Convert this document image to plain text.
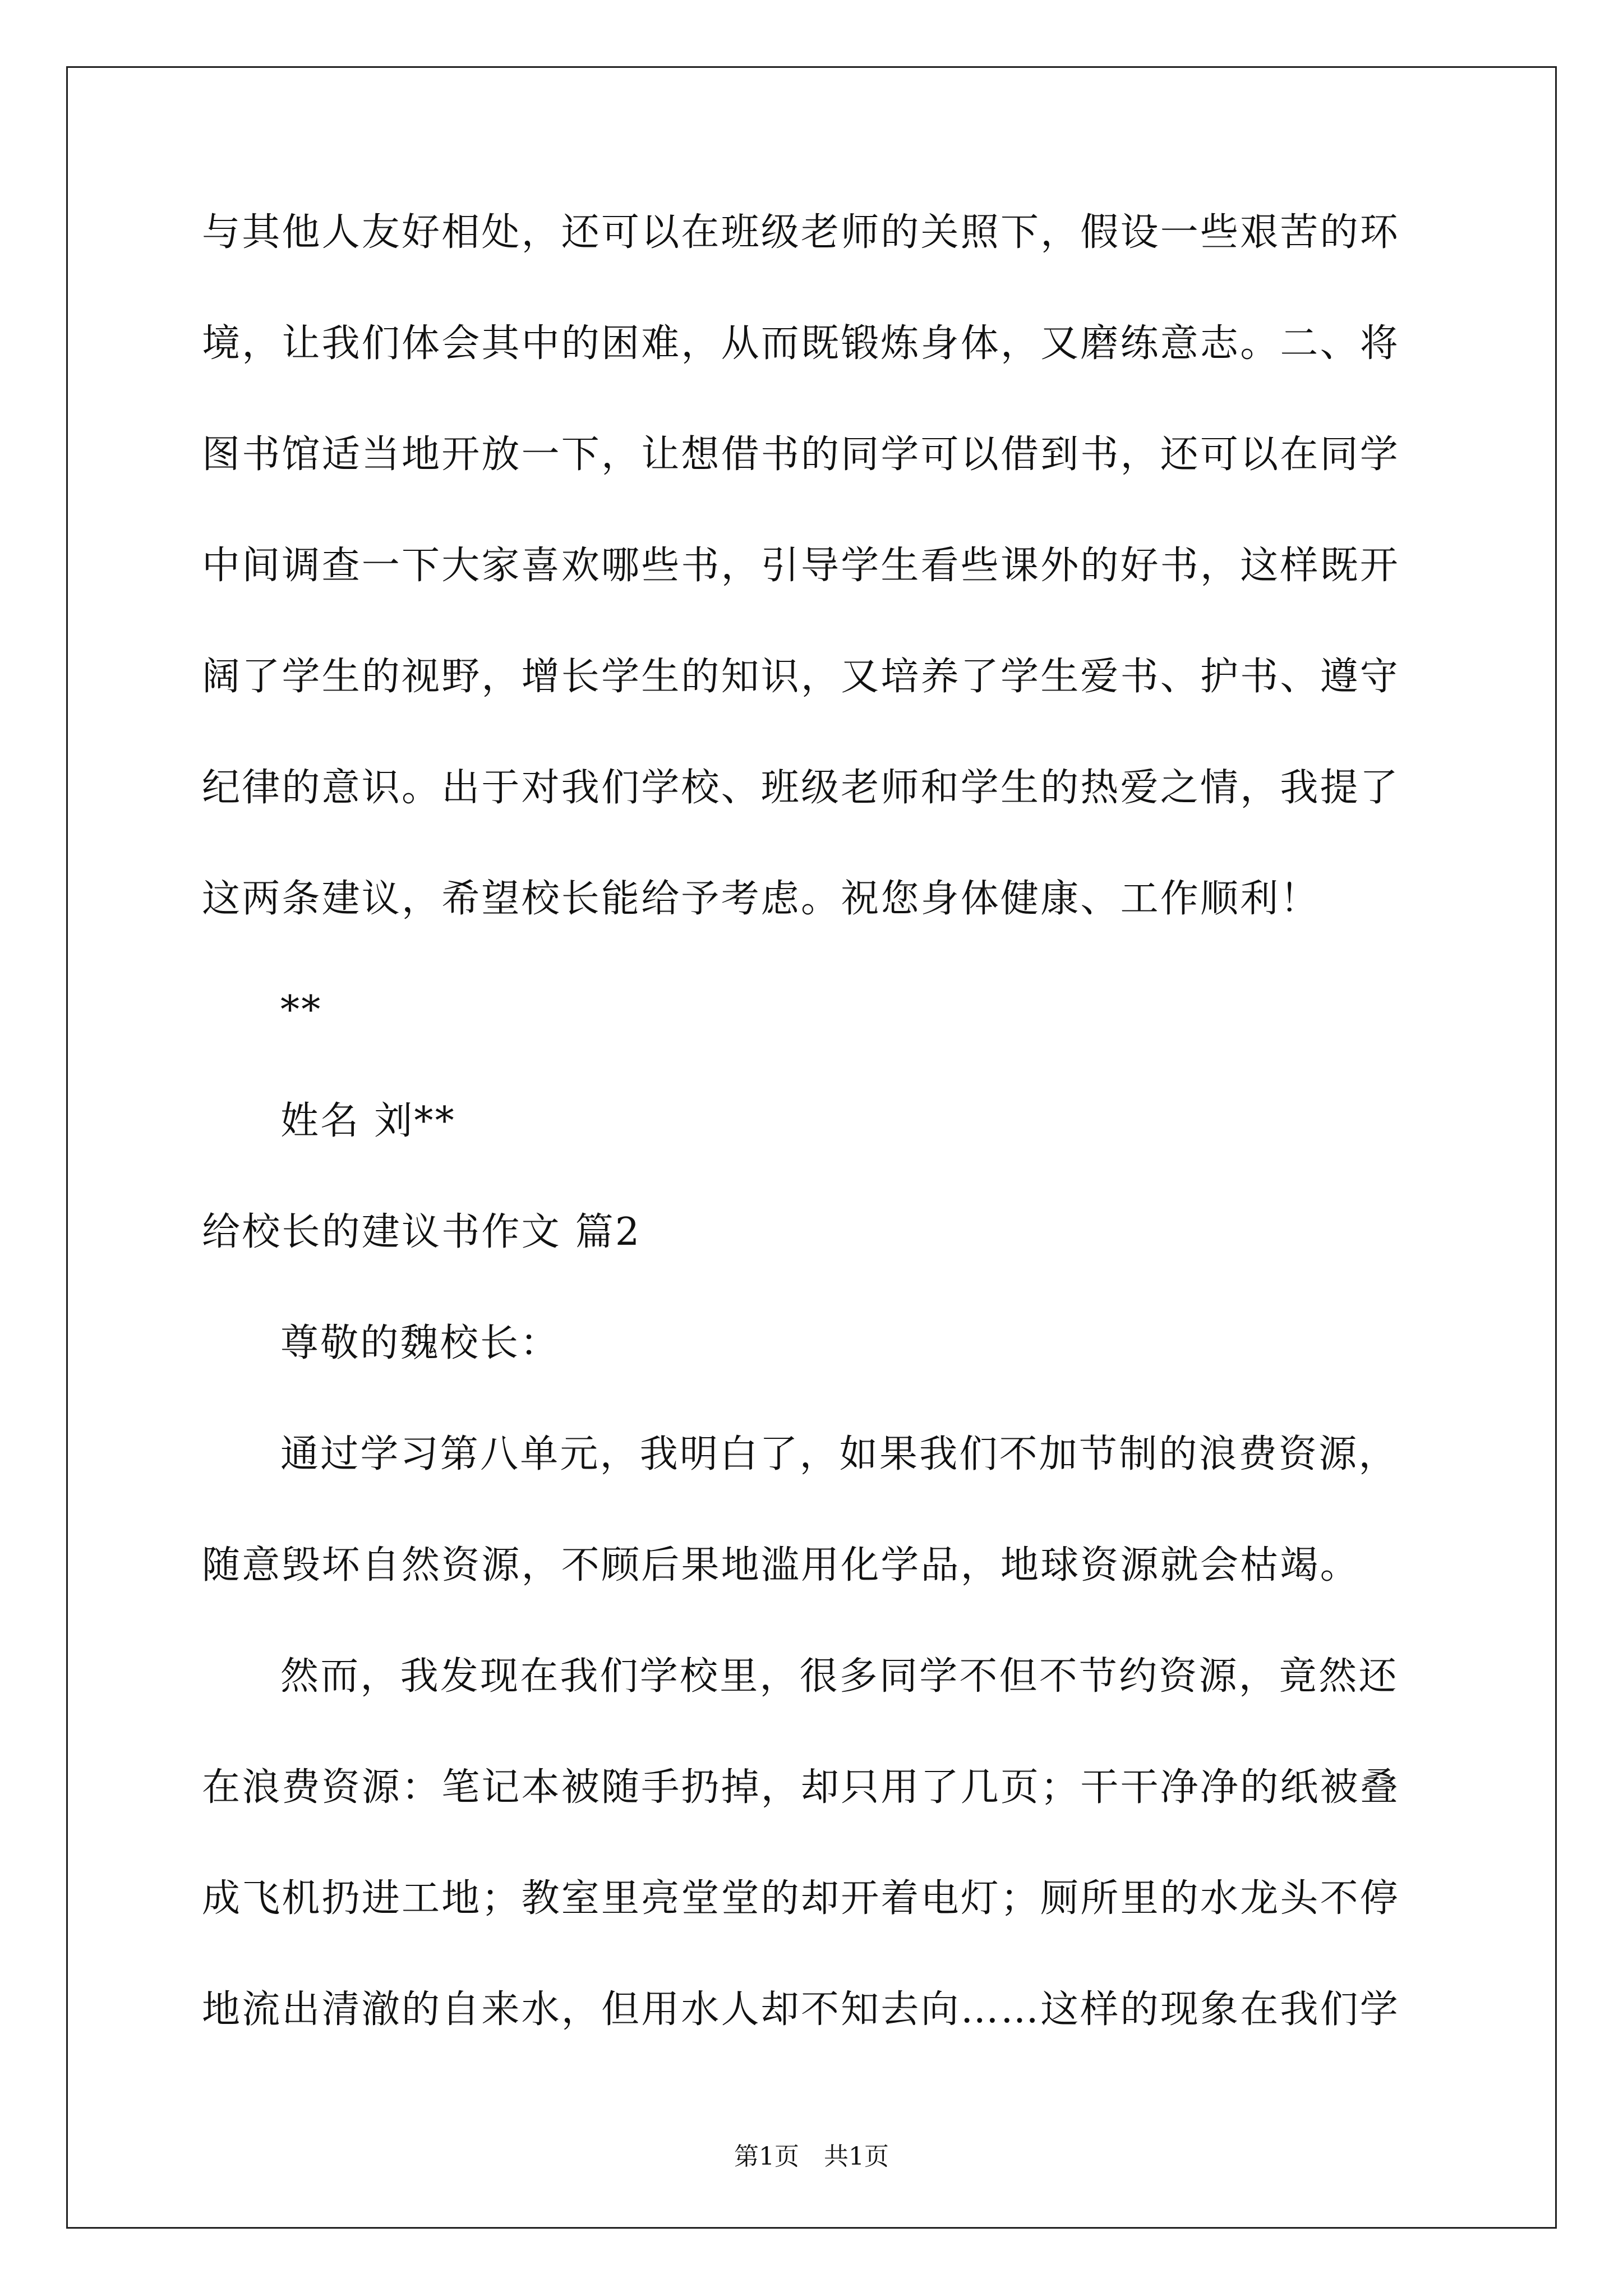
与其他人友好相处，还可以在班级老师的关照下，假设一些艰苦的环
境，让我们体会其中的困难，从而既锻炼身体，又磨练意志。二、将
图书馆适当地开放一下，让想借书的同学可以借到书，还可以在同学
中间调查一下大家喜欢哪些书，引导学生看些课外的好书，这样既开
阔了学生的视野，增长学生的知识，又培养了学生爱书、护书、遵守
纪律的意识。出于对我们学校、班级老师和学生的热爱之情，我提了
这两条建议，希望校长能给予考虑。祝您身体健康、工作顺利！
**
姓名 刘**
给校长的建议书作文 篇2
尊敬的魏校长：
通过学习第八单元，我明白了，如果我们不加节制的浪费资源，
随意毁坏自然资源，不顾后果地滥用化学品，地球资源就会枯竭。
然而，我发现在我们学校里，很多同学不但不节约资源，竟然还
在浪费资源：笔记本被随手扔掉，却只用了几页；干干净净的纸被叠
成飞机扔进工地；教室里亮堂堂的却开着电灯；厕所里的水龙头不停
地流出清澈的自来水，但用水人却不知去向……这样的现象在我们学
第1页　共1页
